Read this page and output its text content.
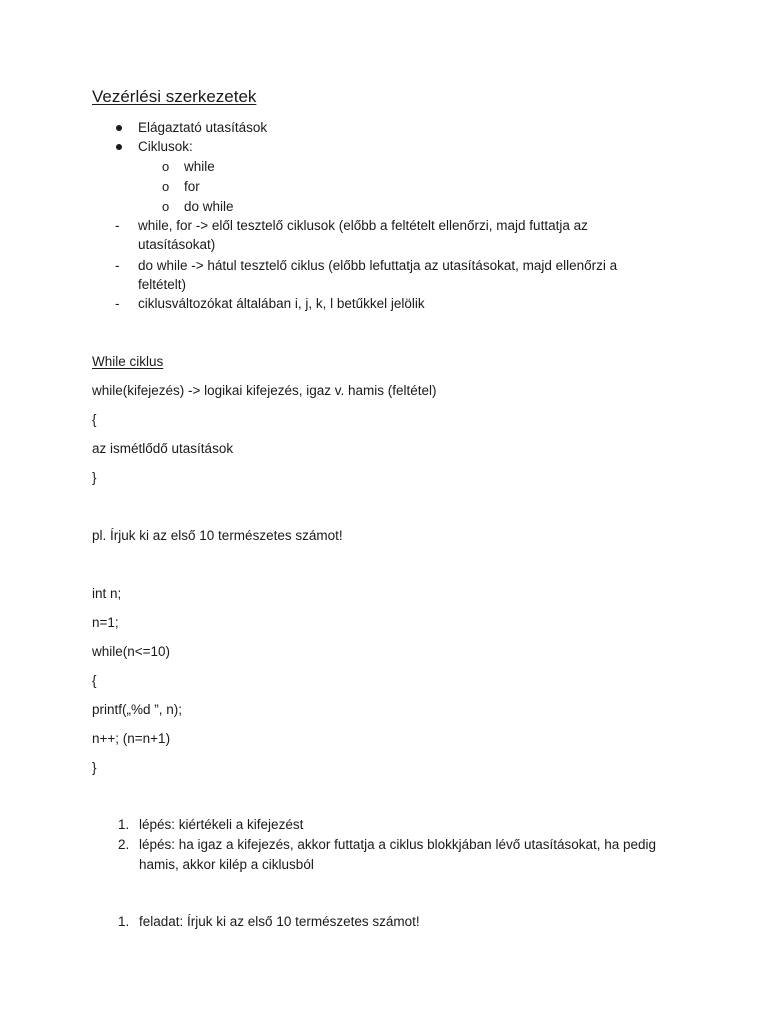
Vezérlési szerkezetek
Elágaztató utasítások
Ciklusok:
o while
o for
o do while
- while, for -> elől tesztelő ciklusok (előbb a feltételt ellenőrzi, majd futtatja az
utasításokat)
- do while -> hátul tesztelő ciklus (előbb lefuttatja az utasításokat, majd ellenőrzi a
feltételt)
- ciklusváltozókat általában i, j, k, l betűkkel jelölik
While ciklus
while(kifejezés) -> logikai kifejezés, igaz v. hamis (feltétel)
{
az ismétlődő utasítások
}
pl. Írjuk ki az első 10 természetes számot!
int n;
n=1;
while(n<=10)
{
printf(„%d ”, n);
n++; (n=n+1)
}
1. lépés: kiértékeli a kifejezést
2. lépés: ha igaz a kifejezés, akkor futtatja a ciklus blokkjában lévő utasításokat, ha pedig
hamis, akkor kilép a ciklusból
1. feladat: Írjuk ki az első 10 természetes számot!
